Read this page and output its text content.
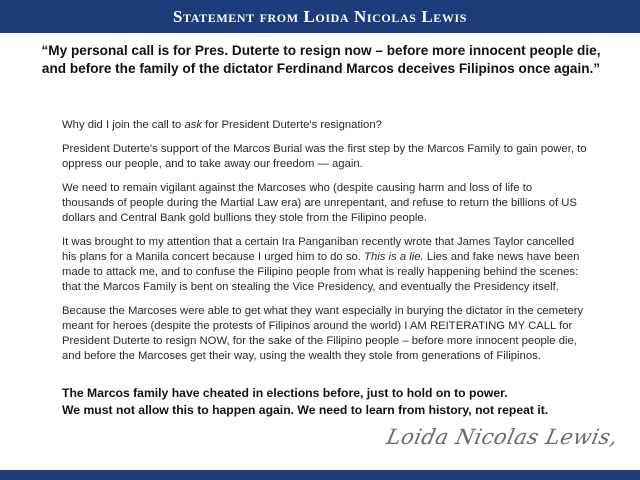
Statement from Loida Nicolas Lewis
“My personal call is for Pres. Duterte to resign now – before more innocent people die,
and before the family of the dictator Ferdinand Marcos deceives Filipinos once again.”

Why did I join the call to ask for President Duterte's resignation?

President Duterte's support of the Marcos Burial was the first step by the Marcos Family to gain power, to
oppress our people, and to take away our freedom — again.

We need to remain vigilant against the Marcoses who (despite causing harm and loss of life to
thousands of people during the Martial Law era) are unrepentant, and refuse to return the billions of US
dollars and Central Bank gold bullions they stole from the Filipino people.

It was brought to my attention that a certain Ira Panganiban recently wrote that James Taylor cancelled
his plans for a Manila concert because I urged him to do so. This is a lie. Lies and fake news have been
made to attack me, and to confuse the Filipino people from what is really happening behind the scenes:
that the Marcos Family is bent on stealing the Vice Presidency, and eventually the Presidency itself.

Because the Marcoses were able to get what they want especially in burying the dictator in the cemetery
meant for heroes (despite the protests of Filipinos around the world) I AM REITERATING MY CALL for
President Duterte to resign NOW, for the sake of the Filipino people – before more innocent people die,
and before the Marcoses get their way, using the wealth they stole from generations of Filipinos.

The Marcos family have cheated in elections before, just to hold on to power.
We must not allow this to happen again. We need to learn from history, not repeat it.
Loida Nicolas Lewis,
